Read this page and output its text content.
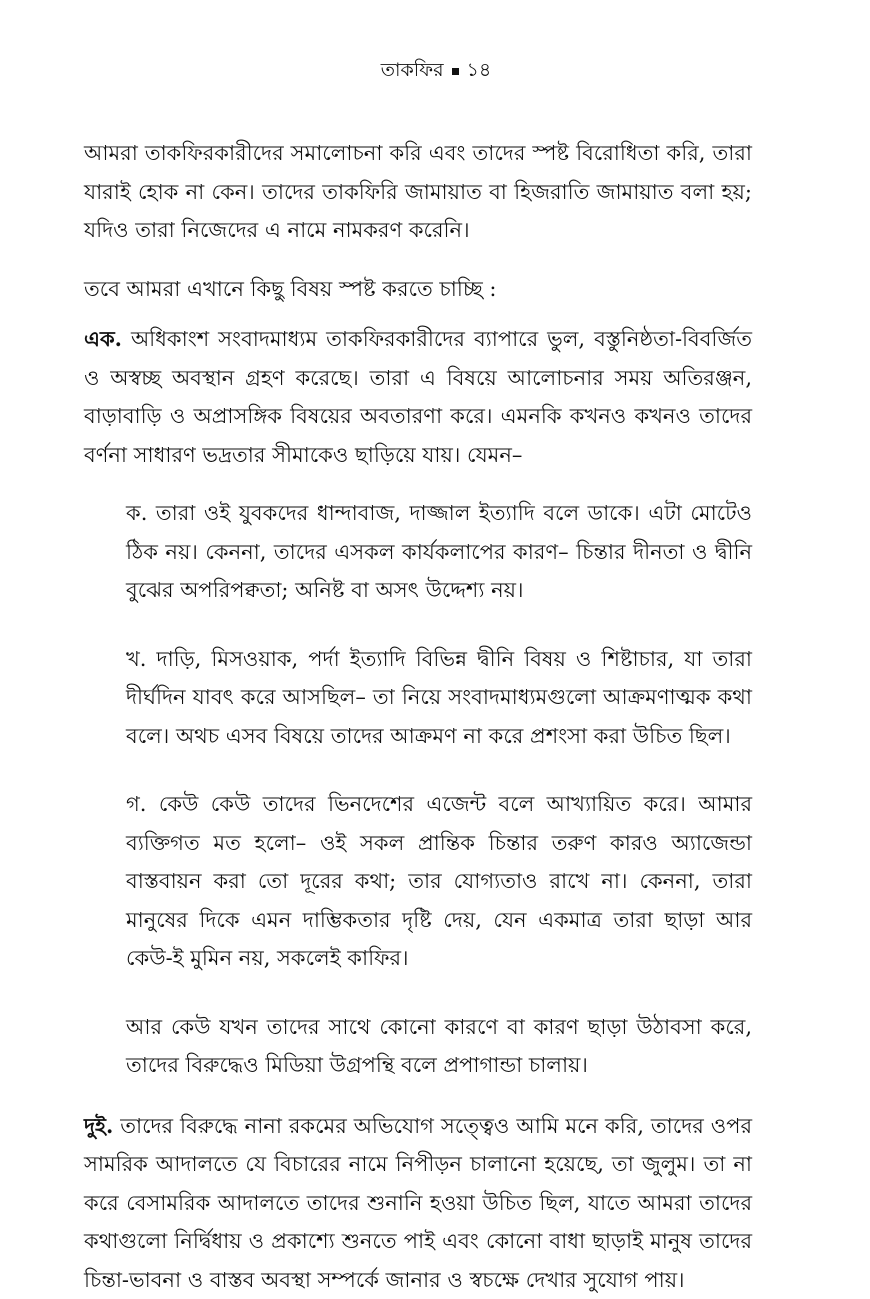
তাকফির ১৪

আমরা তাকফিরকারীদের সমালোচনা করি এবং তাদের স্পষ্ট বিরোধিতা করি, তারা যারাই হোক না কেন। তাদের তাকফিরি জামায়াত বা হিজরাতি জামায়াত বলা হয়; যদিও তারা নিজেদের এ নামে নামকরণ করেনি।

তবে আমরা এখানে কিছু বিষয় স্পষ্ট করতে চাচ্ছি :

এক. অধিকাংশ সংবাদমাধ্যম তাকফিরকারীদের ব্যাপারে ভুল, বস্তুনিষ্ঠতা-বিবর্জিত ও অস্বচ্ছ অবস্থান গ্রহণ করেছে। তারা এ বিষয়ে আলোচনার সময় অতিরঞ্জন, বাড়াবাড়ি ও অপ্রাসঙ্গিক বিষয়ের অবতারণা করে। এমনকি কখনও কখনও তাদের বর্ণনা সাধারণ ভদ্রতার সীমাকেও ছাড়িয়ে যায়। যেমন–

ক. তারা ওই যুবকদের ধান্দাবাজ, দাজ্জাল ইত্যাদি বলে ডাকে। এটা মোটেও ঠিক নয়। কেননা, তাদের এসকল কার্যকলাপের কারণ– চিন্তার দীনতা ও দ্বীনি বুঝের অপরিপক্বতা; অনিষ্ট বা অসৎ উদ্দেশ্য নয়।

খ. দাড়ি, মিসওয়াক, পর্দা ইত্যাদি বিভিন্ন দ্বীনি বিষয় ও শিষ্টাচার, যা তারা দীর্ঘদিন যাবৎ করে আসছিল– তা নিয়ে সংবাদমাধ্যমগুলো আক্রমণাত্মক কথা বলে। অথচ এসব বিষয়ে তাদের আক্রমণ না করে প্রশংসা করা উচিত ছিল।

গ. কেউ কেউ তাদের ভিনদেশের এজেন্ট বলে আখ্যায়িত করে। আমার ব্যক্তিগত মত হলো– ওই সকল প্রান্তিক চিন্তার তরুণ কারও অ্যাজেন্ডা বাস্তবায়ন করা তো দূরের কথা; তার যোগ্যতাও রাখে না। কেননা, তারা মানুষের দিকে এমন দাম্ভিকতার দৃষ্টি দেয়, যেন একমাত্র তারা ছাড়া আর কেউ-ই মুমিন নয়, সকলেই কাফির।

আর কেউ যখন তাদের সাথে কোনো কারণে বা কারণ ছাড়া উঠাবসা করে, তাদের বিরুদ্ধেও মিডিয়া উগ্রপন্থি বলে প্রপাগান্ডা চালায়।

দুই. তাদের বিরুদ্ধে নানা রকমের অভিযোগ সত্ত্বেও আমি মনে করি, তাদের ওপর সামরিক আদালতে যে বিচারের নামে নিপীড়ন চালানো হয়েছে, তা জুলুম। তা না করে বেসামরিক আদালতে তাদের শুনানি হওয়া উচিত ছিল, যাতে আমরা তাদের কথাগুলো নির্দ্বিধায় ও প্রকাশ্যে শুনতে পাই এবং কোনো বাধা ছাড়াই মানুষ তাদের চিন্তা-ভাবনা ও বাস্তব অবস্থা সম্পর্কে জানার ও স্বচক্ষে দেখার সুযোগ পায়।
